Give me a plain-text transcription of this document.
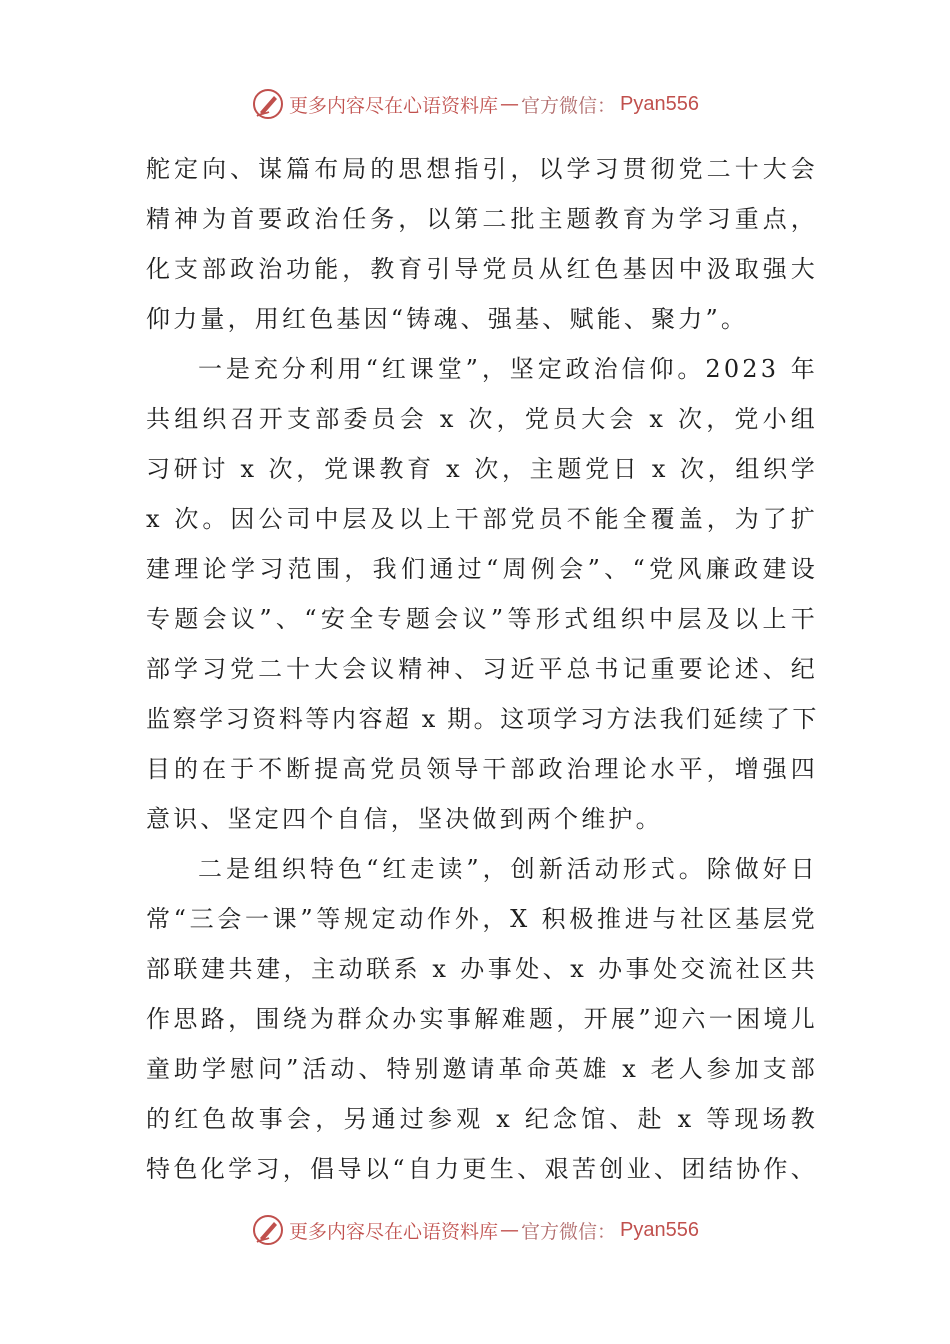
更多内容尽在心语资料库 — 官方微信： Pyan556
舵定向、谋篇布局的思想指引，以学习贯彻党二十大会
精神为首要政治任务，以第二批主题教育为学习重点，
化支部政治功能，教育引导党员从红色基因中汲取强大
仰力量，用红色基因“铸魂、强基、赋能、聚力”。
一是充分利用“红课堂”，坚定政治信仰。2023 年
共组织召开支部委员会 x 次，党员大会 x 次，党小组
习研讨 x 次，党课教育 x 次，主题党日 x 次，组织学
x 次。因公司中层及以上干部党员不能全覆盖，为了扩
建理论学习范围，我们通过“周例会”、“党风廉政建设
专题会议”、“安全专题会议”等形式组织中层及以上干
部学习党二十大会议精神、习近平总书记重要论述、纪
监察学习资料等内容超 x 期。这项学习方法我们延续了下
目的在于不断提高党员领导干部政治理论水平，增强四
意识、坚定四个自信，坚决做到两个维护。
二是组织特色“红走读”，创新活动形式。除做好日
常“三会一课”等规定动作外，X 积极推进与社区基层党
部联建共建，主动联系 x 办事处、x 办事处交流社区共
作思路，围绕为群众办实事解难题，开展”迎六一困境儿
童助学慰问”活动、特别邀请革命英雄 x 老人参加支部
的红色故事会，另通过参观 x 纪念馆、赴 x 等现场教
特色化学习，倡导以“自力更生、艰苦创业、团结协作、
更多内容尽在心语资料库 — 官方微信： Pyan556
